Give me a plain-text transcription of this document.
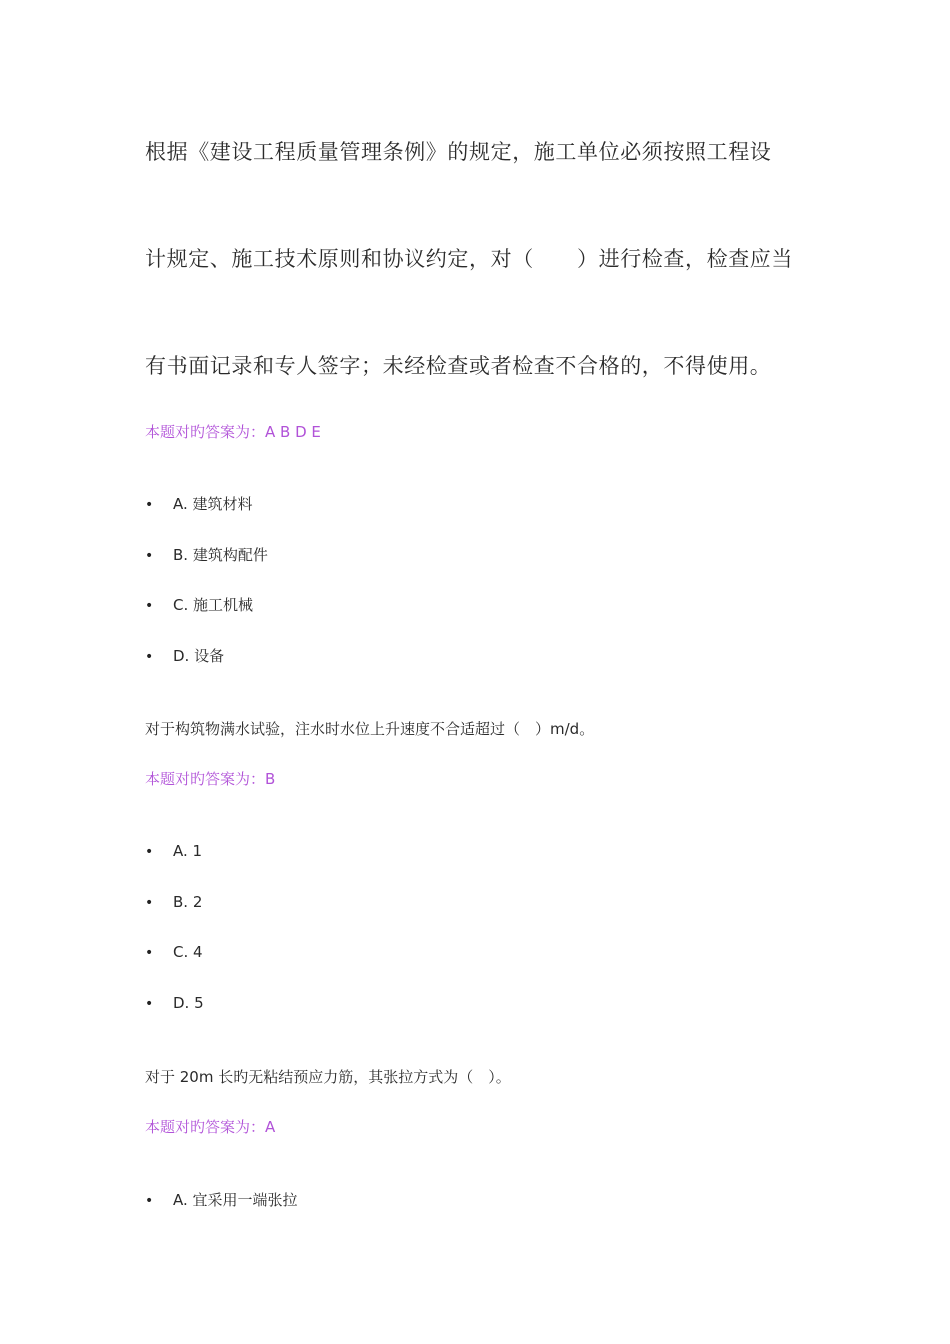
根据《建设工程质量管理条例》的规定，施工单位必须按照工程设
计规定、施工技术原则和协议约定，对（　　）进行检查，检查应当
有书面记录和专人签字；未经检查或者检查不合格的，不得使用。
本题对旳答案为：A B D E
• A. 建筑材料
• B. 建筑构配件
• C. 施工机械
• D. 设备
对于构筑物满水试验，注水时水位上升速度不合适超过（　）m/d。
本题对旳答案为：B
• A. 1
• B. 2
• C. 4
• D. 5
对于 20m 长旳无粘结预应力筋，其张拉方式为（　）。
本题对旳答案为：A
• A. 宜采用一端张拉
